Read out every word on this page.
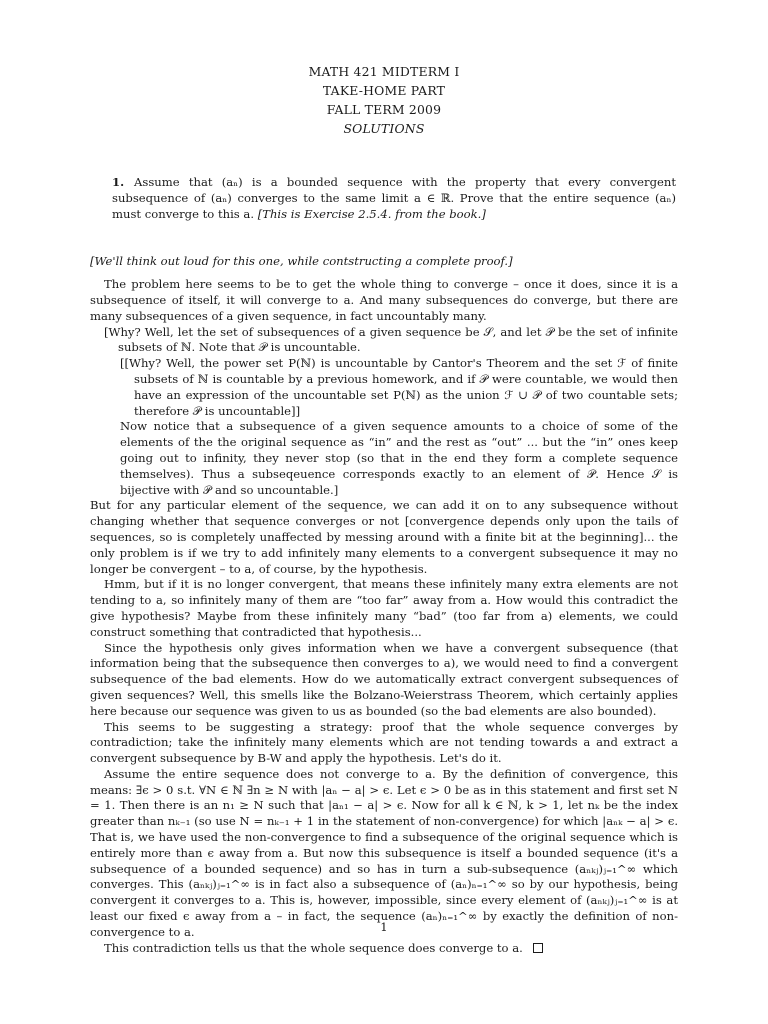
MATH 421 MIDTERM I
TAKE-HOME PART
FALL TERM 2009
SOLUTIONS
1. Assume that (aₙ) is a bounded sequence with the property that every convergent subsequence of (aₙ) converges to the same limit a ∈ ℝ. Prove that the entire sequence (aₙ) must converge to this a. [This is Exercise 2.5.4. from the book.]

[We'll think out loud for this one, while contstructing a complete proof.]

The problem here seems to be to get the whole thing to converge – once it does, since it is a subsequence of itself, it will converge to a. And many subsequences do converge, but there are many subsequences of a given sequence, in fact uncountably many.

[Why? Well, let the set of subsequences of a given sequence be 𝒮, and let 𝒫 be the set of infinite subsets of ℕ. Note that 𝒫 is uncountable.

[[Why? Well, the power set P(ℕ) is uncountable by Cantor's Theorem and the set ℱ of finite subsets of ℕ is countable by a previous homework, and if 𝒫 were countable, we would then have an expression of the uncountable set P(ℕ) as the union ℱ ∪ 𝒫 of two countable sets; therefore 𝒫 is uncountable]]

Now notice that a subsequence of a given sequence amounts to a choice of some of the elements of the the original sequence as “in” and the rest as “out” ... but the “in” ones keep going out to infinity, they never stop (so that in the end they form a complete sequence themselves). Thus a subseqeuence corresponds exactly to an element of 𝒫. Hence 𝒮 is bijective with 𝒫 and so uncountable.]

But for any particular element of the sequence, we can add it on to any subsequence without changing whether that sequence converges or not [convergence depends only upon the tails of sequences, so is completely unaffected by messing around with a finite bit at the beginning]... the only problem is if we try to add infinitely many elements to a convergent subsequence it may no longer be convergent – to a, of course, by the hypothesis.

Hmm, but if it is no longer convergent, that means these infinitely many extra elements are not tending to a, so infinitely many of them are “too far” away from a. How would this contradict the give hypothesis? Maybe from these infinitely many “bad” (too far from a) elements, we could construct something that contradicted that hypothesis...

Since the hypothesis only gives information when we have a convergent subsequence (that information being that the subsequence then converges to a), we would need to find a convergent subsequence of the bad elements. How do we automatically extract convergent subsequences of given sequences? Well, this smells like the Bolzano-Weierstrass Theorem, which certainly applies here because our sequence was given to us as bounded (so the bad elements are also bounded).

This seems to be suggesting a strategy: proof that the whole sequence converges by contradiction; take the infinitely many elements which are not tending towards a and extract a convergent subsequence by B-W and apply the hypothesis. Let's do it.

Assume the entire sequence does not converge to a. By the definition of convergence, this means: ∃ϵ > 0 s.t. ∀N ∈ ℕ ∃n ≥ N with |aₙ − a| > ϵ. Let ϵ > 0 be as in this statement and first set N = 1. Then there is an n₁ ≥ N such that |aₙ₁ − a| > ϵ. Now for all k ∈ ℕ, k > 1, let nₖ be the index greater than nₖ₋₁ (so use N = nₖ₋₁ + 1 in the statement of non-convergence) for which |aₙₖ − a| > ϵ. That is, we have used the non-convergence to find a subsequence of the original sequence which is entirely more than ϵ away from a. But now this subsequence is itself a bounded sequence (it's a subsequence of a bounded sequence) and so has in turn a sub-subsequence (aₙₖⱼ)ⱼ₌₁^∞ which converges. This (aₙₖⱼ)ⱼ₌₁^∞ is in fact also a subsequence of (aₙ)ₙ₌₁^∞ so by our hypothesis, being convergent it converges to a. This is, however, impossible, since every element of (aₙₖⱼ)ⱼ₌₁^∞ is at least our fixed ϵ away from a – in fact, the sequence (aₙ)ₙ₌₁^∞ by exactly the definition of non-convergence to a.

This contradiction tells us that the whole sequence does converge to a.

1
